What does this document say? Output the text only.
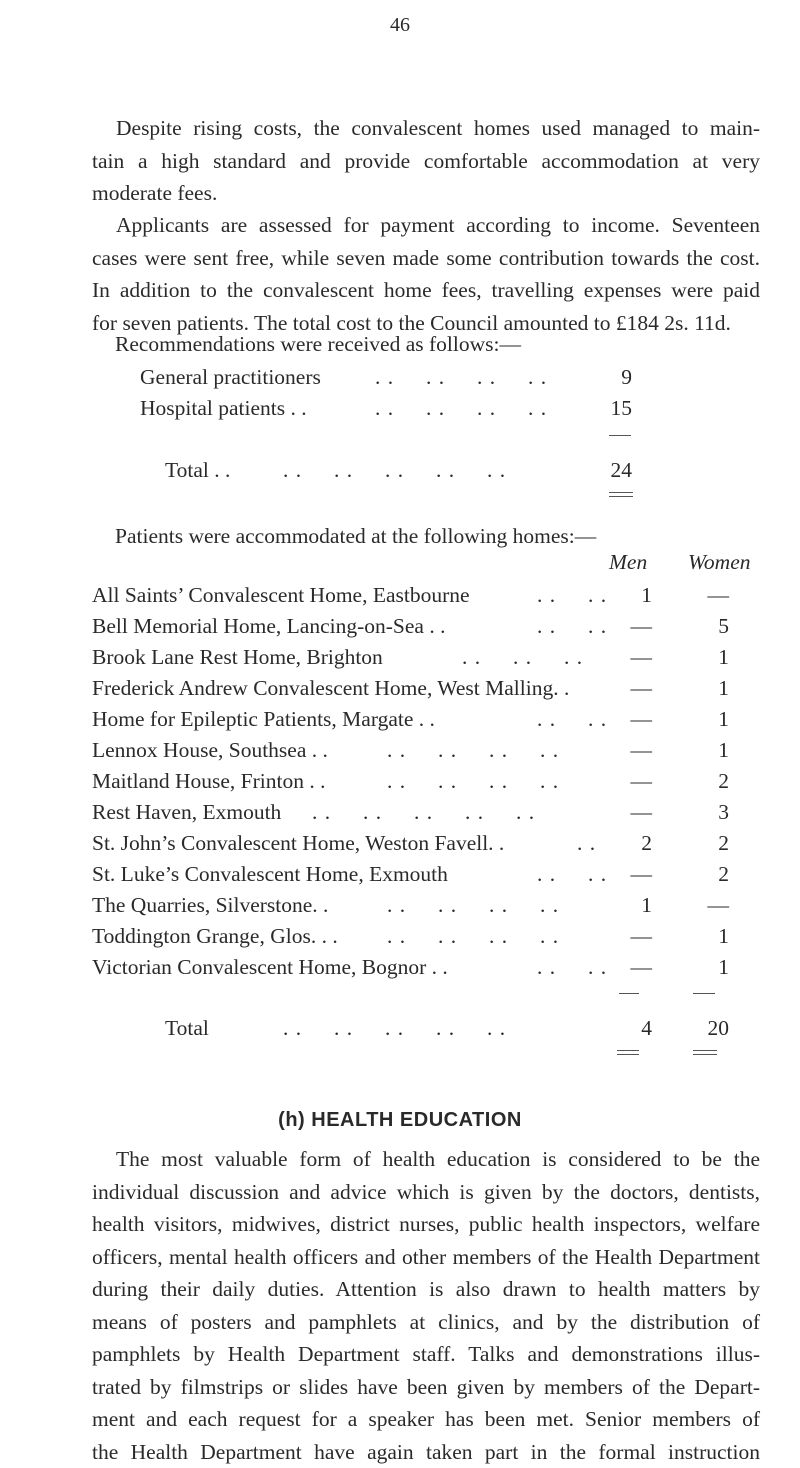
46
Despite rising costs, the convalescent homes used managed to main-
tain a high standard and provide comfortable accommodation at very
moderate fees.
Applicants are assessed for payment according to income. Seventeen
cases were sent free, while seven made some contribution towards the cost.
In addition to the convalescent home fees, travelling expenses were paid
for seven patients. The total cost to the Council amounted to £184 2s. 11d.
Recommendations were received as follows:—
General practitioners	. .     . .     . .     . .	9
Hospital patients . .	. .     . .     . .     . .	15
Total . . . .     . .     . .     . .     . .	24
Patients were accommodated at the following homes:—
Men Women
All Saints’ Convalescent Home, Eastbourne	. .     . .	1	—
Bell Memorial Home, Lancing-on-Sea . .	. .     . .	—	5
Brook Lane Rest Home, Brighton	. .     . .     . .	—	1
Frederick Andrew Convalescent Home, West Malling. .	—	1
Home for Epileptic Patients, Margate . .	. .     . .	—	1
Lennox House, Southsea . .	. .     . .     . .     . .	—	1
Maitland House, Frinton . .	. .     . .     . .     . .	—	2
Rest Haven, Exmouth . .     . .     . .     . .     . .	—	3
St. John’s Convalescent Home, Weston Favell. .	. .	2	2
St. Luke’s Convalescent Home, Exmouth	. .     . .	—	2
The Quarries, Silverstone. .	. .     . .     . .     . .	1	—
Toddington Grange, Glos. . . . .     . .     . .     . .	—	1
Victorian Convalescent Home, Bognor . .	. .     . .	—	1
Total	. .     . .     . .     . .     . .	4	20
(h) HEALTH EDUCATION
The most valuable form of health education is considered to be the
individual discussion and advice which is given by the doctors, dentists,
health visitors, midwives, district nurses, public health inspectors, welfare
officers, mental health officers and other members of the Health Department
during their daily duties. Attention is also drawn to health matters by
means of posters and pamphlets at clinics, and by the distribution of
pamphlets by Health Department staff. Talks and demonstrations illus-
trated by filmstrips or slides have been given by members of the Depart-
ment and each request for a speaker has been met. Senior members of
the Health Department have again taken part in the formal instruction
